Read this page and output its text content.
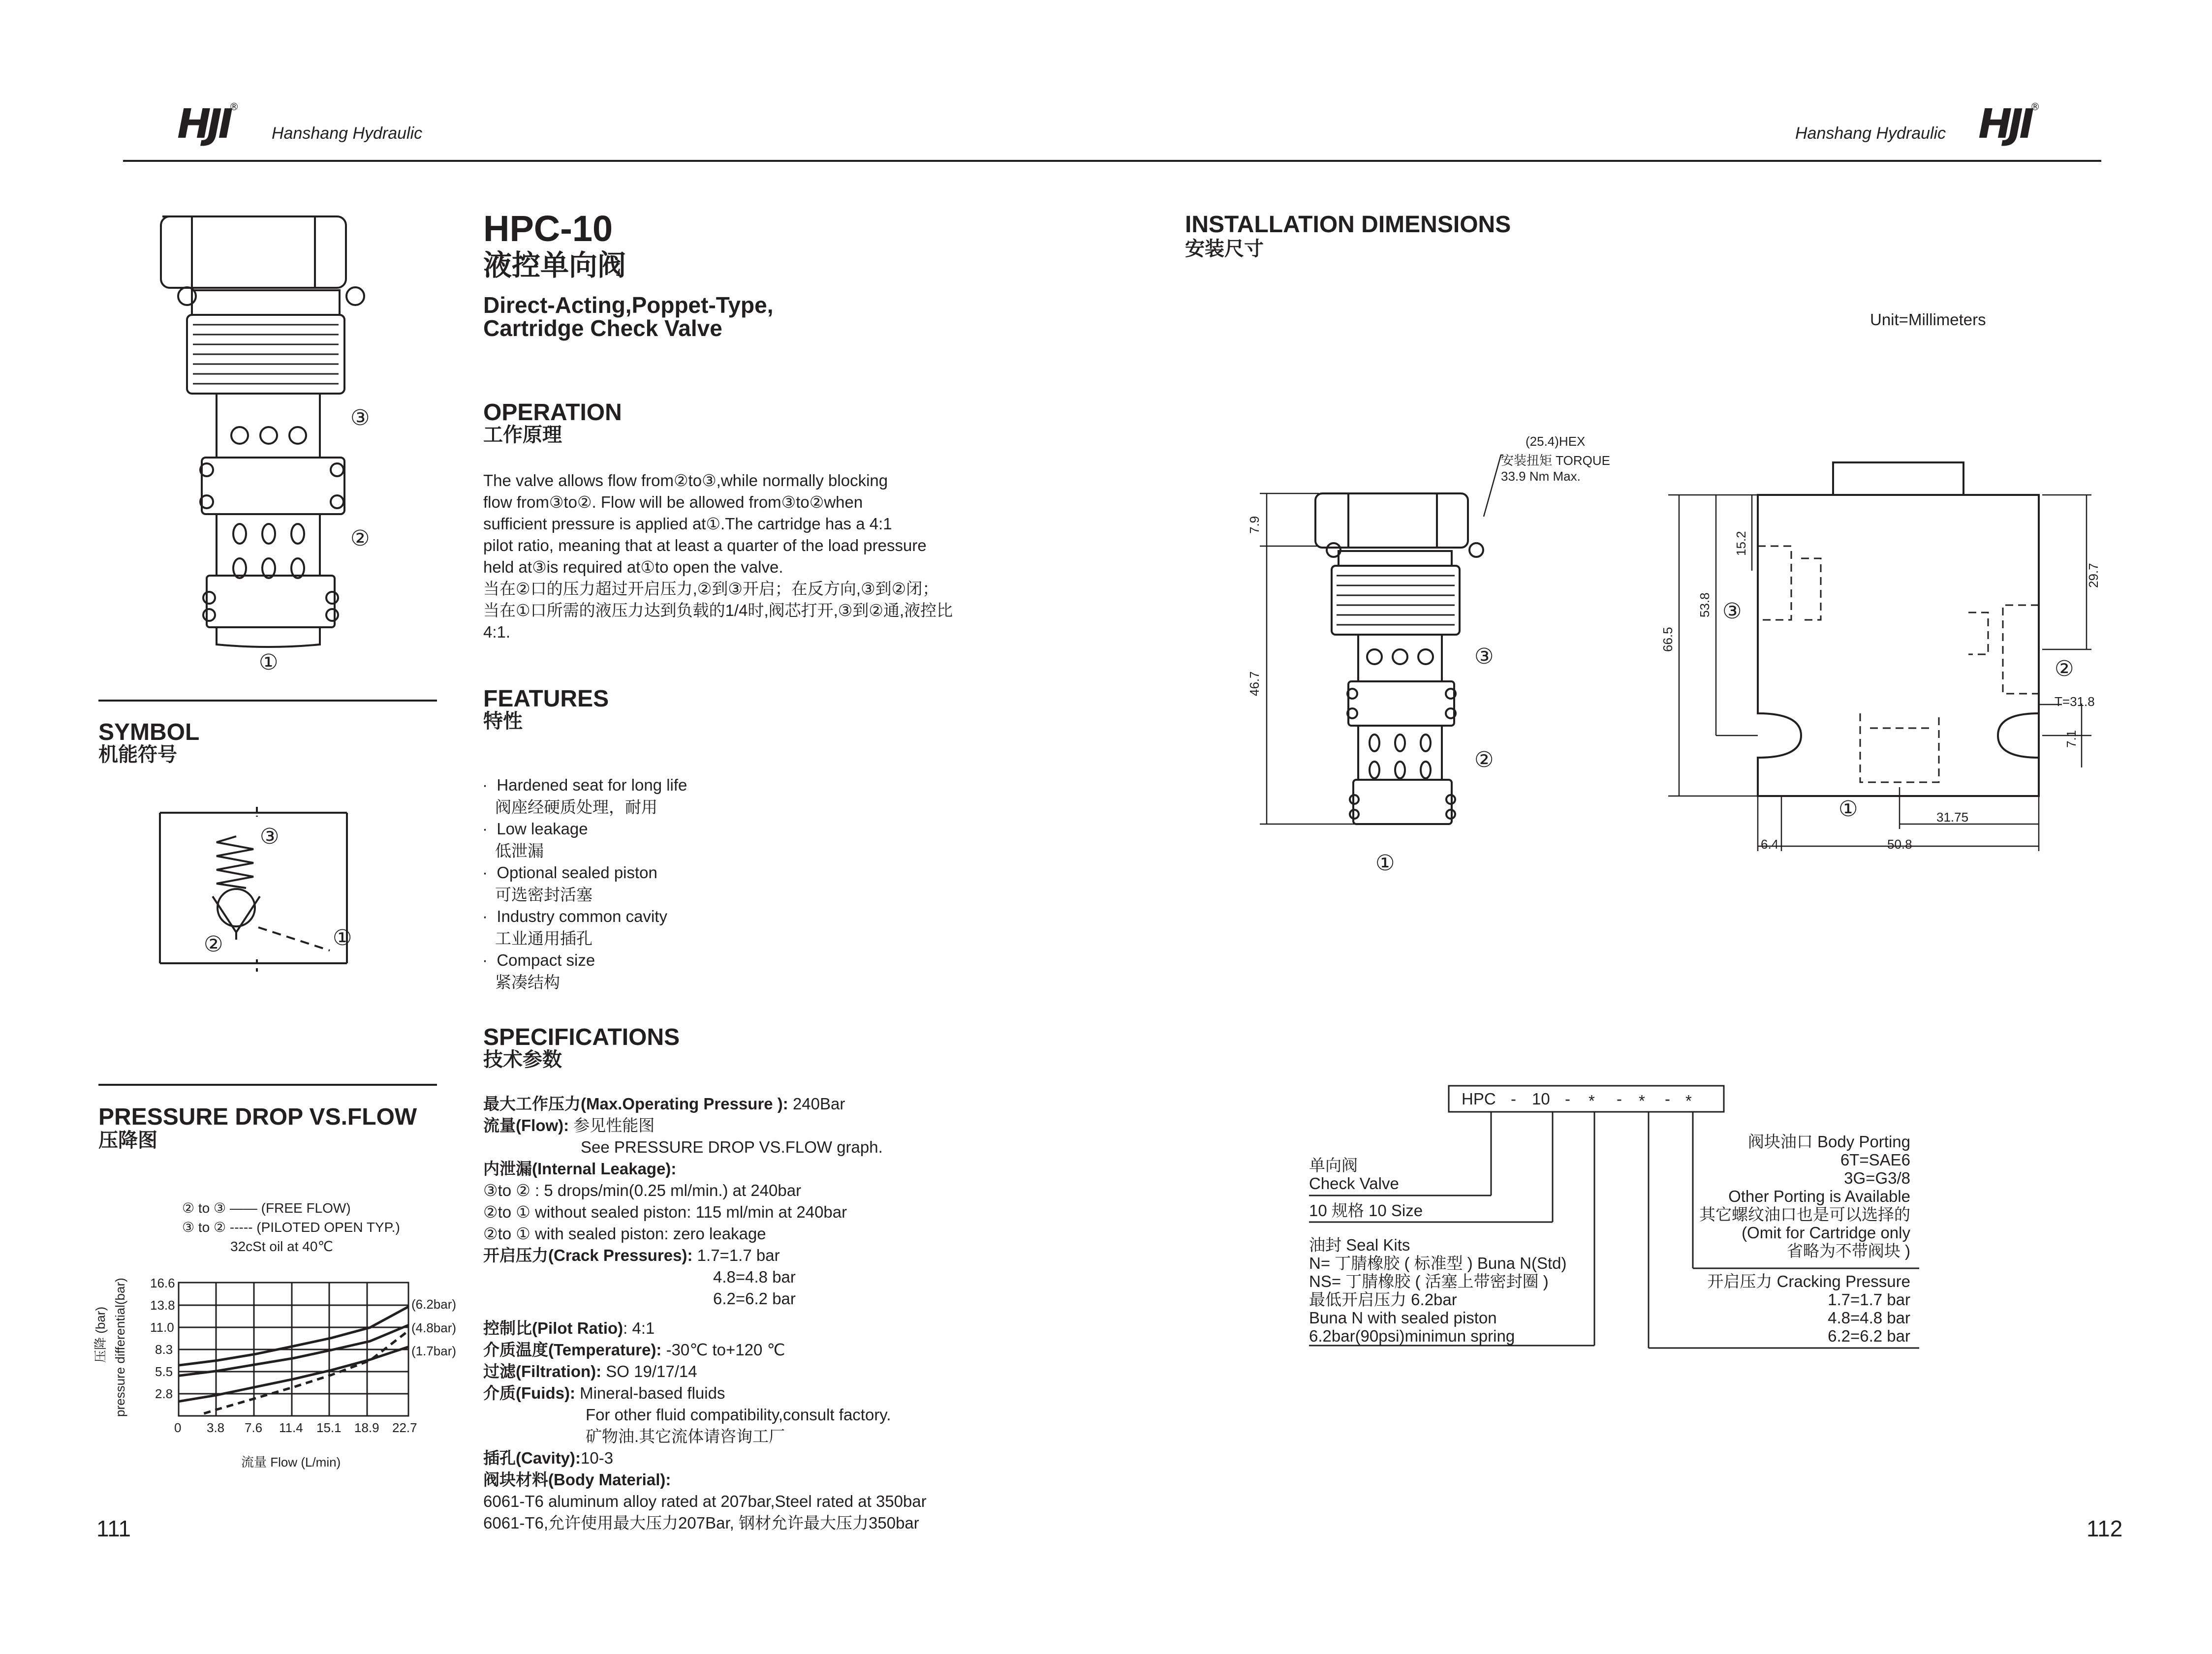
HJI®
Hanshang Hydraulic	Hanshang Hydraulic HJI®
HPC-10
液控单向阀
Direct-Acting,Poppet-Type,
Cartridge Check Valve
③
②
①
OPERATION
工作原理
The valve allows flow from②to③,while normally blocking
flow from③to②. Flow will be allowed from③to②when
sufficient pressure is applied at①.The cartridge has a 4:1
pilot ratio, meaning that at least a quarter of the load pressure
held at③is required at①to open the valve.
当在②口的压力超过开启压力,②到③开启；在反方向,③到②闭；
当在①口所需的液压力达到负载的1/4时,阀芯打开,③到②通,液控比
4:1.
FEATURES
特性
·  Hardened seat for long life
阀座经硬质处理，耐用
·  Low leakage
低泄漏
·  Optional sealed piston
可选密封活塞
·  Industry common cavity
工业通用插孔
·  Compact size
紧凑结构
SPECIFICATIONS
技术参数
最大工作压力(Max.Operating Pressure ): 240Bar
流量(Flow): 参见性能图
See PRESSURE DROP VS.FLOW graph.
内泄漏(Internal Leakage):
③to ② : 5 drops/min(0.25 ml/min.) at 240bar
②to ① without sealed piston: 115 ml/min at 240bar
②to ① with sealed piston: zero leakage
开启压力(Crack Pressures): 1.7=1.7 bar
4.8=4.8 bar
6.2=6.2 bar
控制比(Pilot Ratio): 4:1
介质温度(Temperature): -30℃ to+120 ℃
过滤(Filtration): SO 19/17/14
介质(Fuids): Mineral-based fluids
For other fluid compatibility,consult factory.
矿物油.其它流体请咨询工厂
插孔(Cavity):10-3
阀块材料(Body Material):
6061-T6 aluminum alloy rated at 207bar,Steel rated at 350bar
6061-T6,允许使用最大压力207Bar, 钢材允许最大压力350bar
SYMBOL
机能符号
③
②	①
PRESSURE DROP VS.FLOW
压降图
② to ③ —— (FREE FLOW)
③ to ② ----- (PILOTED OPEN TYP.)
32cSt oil at 40℃
16.6
13.8
11.0
8.3
5.5
2.8
0 3.8 7.6 11.4 15.1 18.9 22.7
(6.2bar)
(4.8bar)
(1.7bar)
压降 (bar) pressure differential(bar)
流量 Flow (L/min)
INSTALLATION DIMENSIONS
安装尺寸
Unit=Millimeters
(25.4)HEX
安装扭矩 TORQUE
33.9 Nm Max.
7.9
46.7
③
②
①
66.5
53.8
15.2
29.7
T=31.8
7.1
31.75
6.4	50.8
①
③
②
HPC - 10 - * - * - *
单向阀
Check Valve
10 规格 10 Size
油封 Seal Kits
N= 丁腈橡胶 ( 标准型 ) Buna N(Std)
NS= 丁腈橡胶 ( 活塞上带密封圈 )
最低开启压力 6.2bar
Buna N with sealed piston
6.2bar(90psi)minimun spring
阀块油口 Body Porting
6T=SAE6
3G=G3/8
Other Porting is Available
其它螺纹油口也是可以选择的
(Omit for Cartridge only
省略为不带阀块 )
开启压力 Cracking Pressure
1.7=1.7 bar
4.8=4.8 bar
6.2=6.2 bar
111	112
